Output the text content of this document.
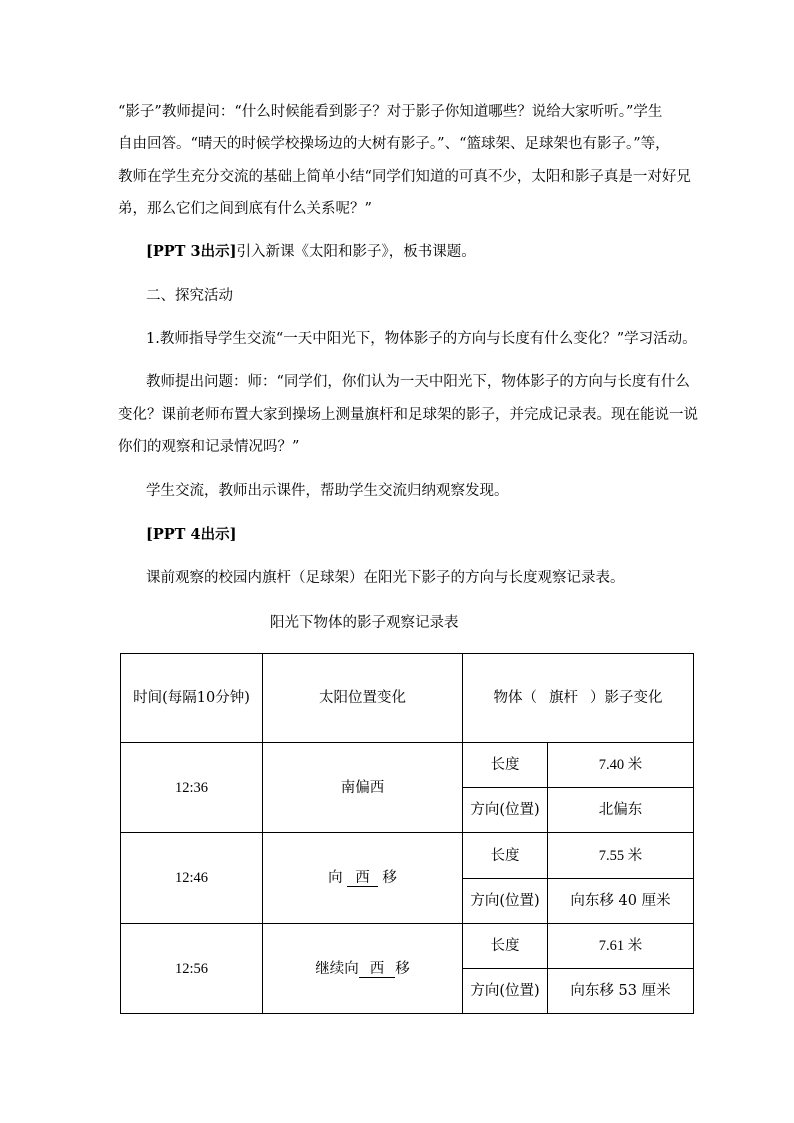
“影子”教师提问：“什么时候能看到影子？对于影子你知道哪些？说给大家听听。”学生
自由回答。“晴天的时候学校操场边的大树有影子。”、“篮球架、足球架也有影子。”等，
教师在学生充分交流的基础上简单小结“同学们知道的可真不少，太阳和影子真是一对好兄
弟，那么它们之间到底有什么关系呢？”
[PPT 3出示]引入新课《太阳和影子》，板书课题。
二、探究活动
1.教师指导学生交流“一天中阳光下，物体影子的方向与长度有什么变化？”学习活动。
教师提出问题：师：“同学们，你们认为一天中阳光下，物体影子的方向与长度有什么
变化？课前老师布置大家到操场上测量旗杆和足球架的影子，并完成记录表。现在能说一说
你们的观察和记录情况吗？”
学生交流，教师出示课件，帮助学生交流归纳观察发现。
[PPT 4出示]
课前观察的校园内旗杆（足球架）在阳光下影子的方向与长度观察记录表。
阳光下物体的影子观察记录表
时间(每隔10分钟)	太阳位置变化	物体（ 旗杆 ）影子变化	
12:36	南偏西	长度	7.40 米
		方向(位置)	北偏东
12:46	向 西 移	长度	7.55 米
		方向(位置)	向东移 40 厘米
12:56	继续向 西 移	长度	7.61 米
		方向(位置)	向东移 53 厘米
